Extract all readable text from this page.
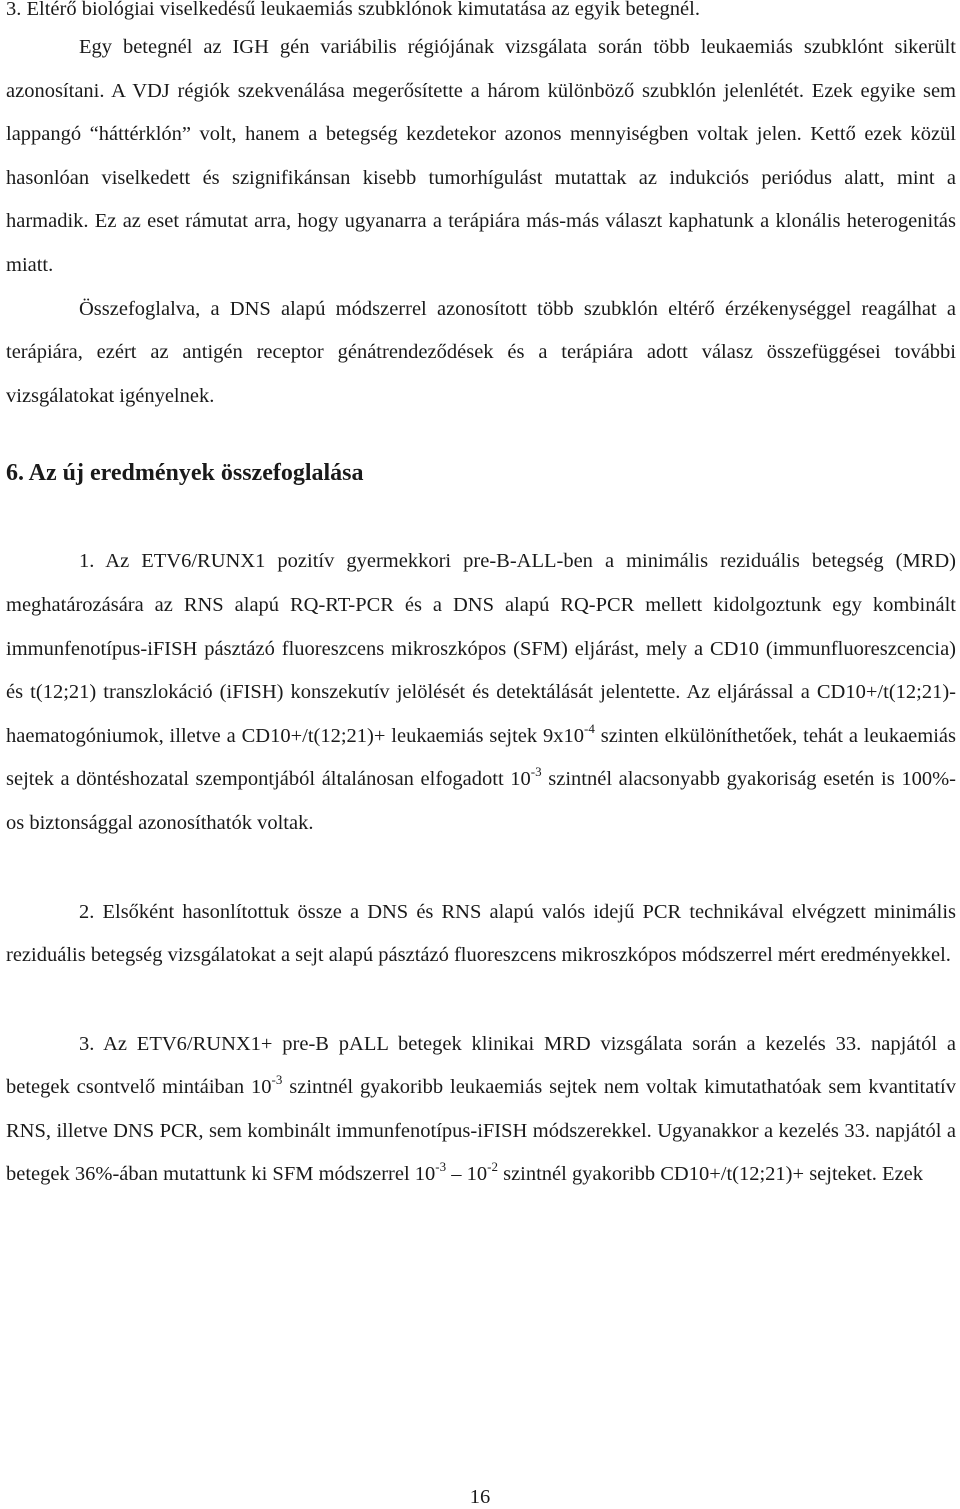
3. Eltérő biológiai viselkedésű leukaemiás szubklónok kimutatása az egyik betegnél.

Egy betegnél az IGH gén variábilis régiójának vizsgálata során több leukaemiás szubklónt sikerült azonosítani. A VDJ régiók szekvenálása megerősítette a három különböző szubklón jelenlétét. Ezek egyike sem lappangó “háttérklón” volt, hanem a betegség kezdetekor azonos mennyiségben voltak jelen. Kettő ezek közül hasonlóan viselkedett és szignifikánsan kisebb tumorhígulást mutattak az indukciós periódus alatt, mint a harmadik. Ez az eset rámutat arra, hogy ugyanarra a terápiára más-más választ kaphatunk a klonális heterogenitás miatt.

Összefoglalva, a DNS alapú módszerrel azonosított több szubklón eltérő érzékenységgel reagálhat a terápiára, ezért az antigén receptor génátrendeződések és a terápiára adott válasz összefüggései további vizsgálatokat igényelnek.

6. Az új eredmények összefoglalása

1. Az ETV6/RUNX1 pozitív gyermekkori pre-B-ALL-ben a minimális reziduális betegség (MRD) meghatározására az RNS alapú RQ-RT-PCR és a DNS alapú RQ-PCR mellett kidolgoztunk egy kombinált immunfenotípus-iFISH pásztázó fluoreszcens mikroszkópos (SFM) eljárást, mely a CD10 (immunfluoreszcencia) és t(12;21) transzlokáció (iFISH) konszekutív jelölését és detektálását jelentette. Az eljárással a CD10+/t(12;21)-haematogóniumok, illetve a CD10+/t(12;21)+ leukaemiás sejtek $9x10^{-4}$ szinten elkülöníthetőek, tehát a leukaemiás sejtek a döntéshozatal szempontjából általánosan elfogadott $10^{-3}$ szintnél alacsonyabb gyakoriság esetén is 100%-os biztonsággal azonosíthatók voltak.

2. Elsőként hasonlítottuk össze a DNS és RNS alapú valós idejű PCR technikával elvégzett minimális reziduális betegség vizsgálatokat a sejt alapú pásztázó fluoreszcens mikroszkópos módszerrel mért eredményekkel.

3. Az ETV6/RUNX1+ pre-B pALL betegek klinikai MRD vizsgálata során a kezelés 33. napjától a betegek csontvelő mintáiban $10^{-3}$ szintnél gyakoribb leukaemiás sejtek nem voltak kimutathatóak sem kvantitatív RNS, illetve DNS PCR, sem kombinált immunfenotípus-iFISH módszerekkel. Ugyanakkor a kezelés 33. napjától a betegek 36%-ában mutattunk ki SFM módszerrel $10^{-3} - 10^{-2}$ szintnél gyakoribb CD10+/t(12;21)+ sejteket. Ezek

16
